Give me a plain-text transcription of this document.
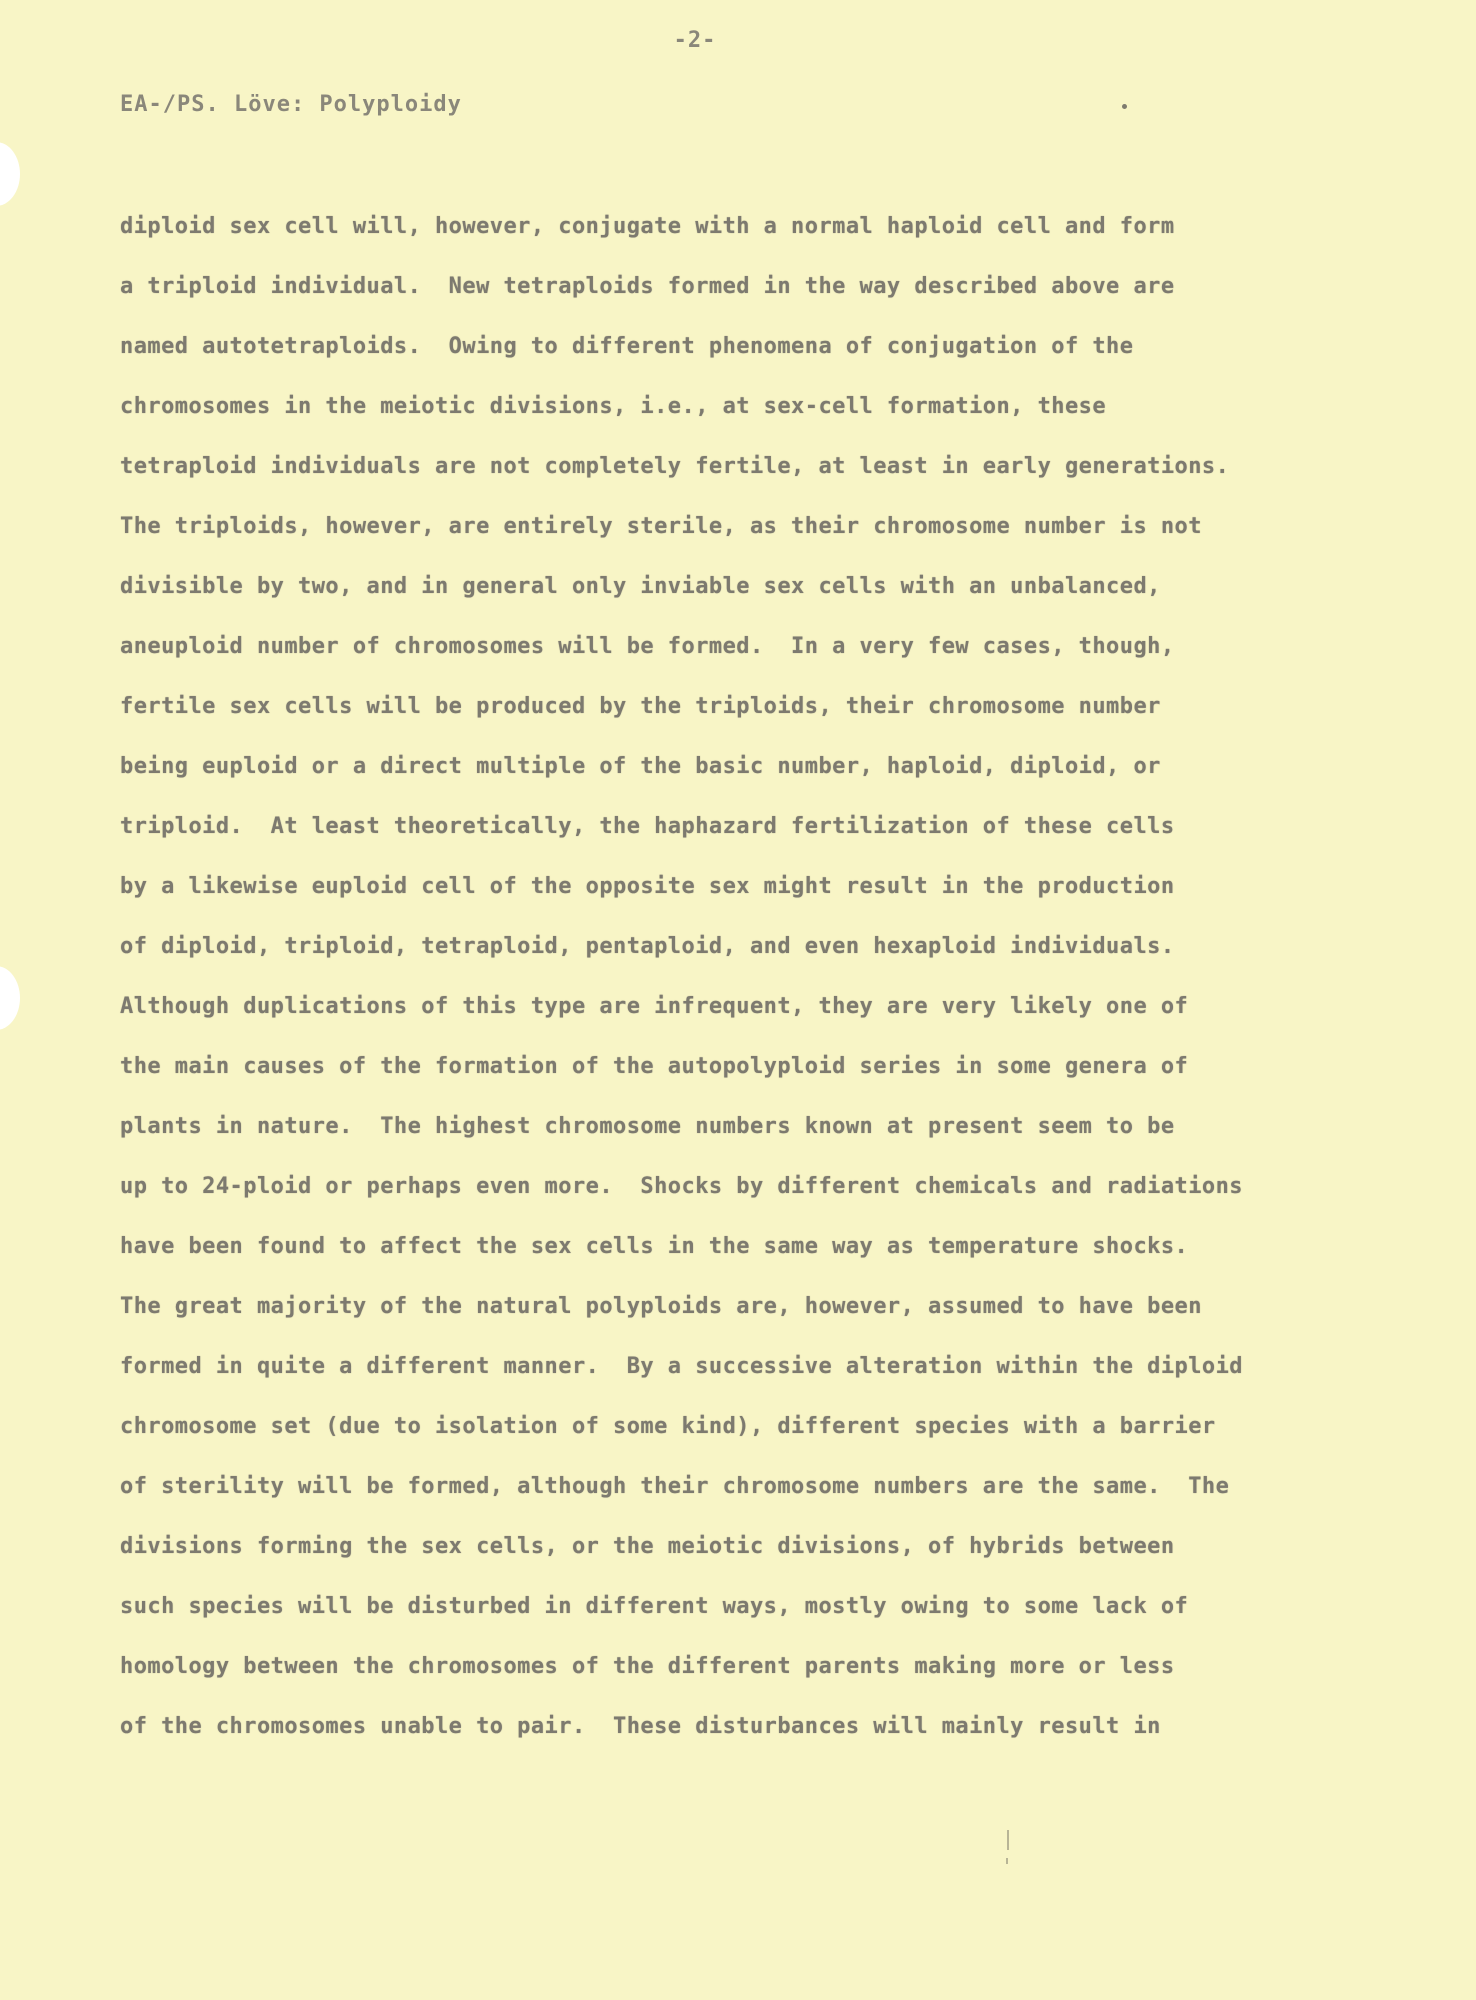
-2-
EA-/PS. Löve: Polyploidy
diploid sex cell will, however, conjugate with a normal haploid cell and form
a triploid individual.  New tetraploids formed in the way described above are
named autotetraploids.  Owing to different phenomena of conjugation of the
chromosomes in the meiotic divisions, i.e., at sex-cell formation, these
tetraploid individuals are not completely fertile, at least in early generations.
The triploids, however, are entirely sterile, as their chromosome number is not
divisible by two, and in general only inviable sex cells with an unbalanced,
aneuploid number of chromosomes will be formed.  In a very few cases, though,
fertile sex cells will be produced by the triploids, their chromosome number
being euploid or a direct multiple of the basic number, haploid, diploid, or
triploid.  At least theoretically, the haphazard fertilization of these cells
by a likewise euploid cell of the opposite sex might result in the production
of diploid, triploid, tetraploid, pentaploid, and even hexaploid individuals.
Although duplications of this type are infrequent, they are very likely one of
the main causes of the formation of the autopolyploid series in some genera of
plants in nature.  The highest chromosome numbers known at present seem to be
up to 24-ploid or perhaps even more.  Shocks by different chemicals and radiations
have been found to affect the sex cells in the same way as temperature shocks.
The great majority of the natural polyploids are, however, assumed to have been
formed in quite a different manner.  By a successive alteration within the diploid
chromosome set (due to isolation of some kind), different species with a barrier
of sterility will be formed, although their chromosome numbers are the same.  The
divisions forming the sex cells, or the meiotic divisions, of hybrids between
such species will be disturbed in different ways, mostly owing to some lack of
homology between the chromosomes of the different parents making more or less
of the chromosomes unable to pair.  These disturbances will mainly result in
